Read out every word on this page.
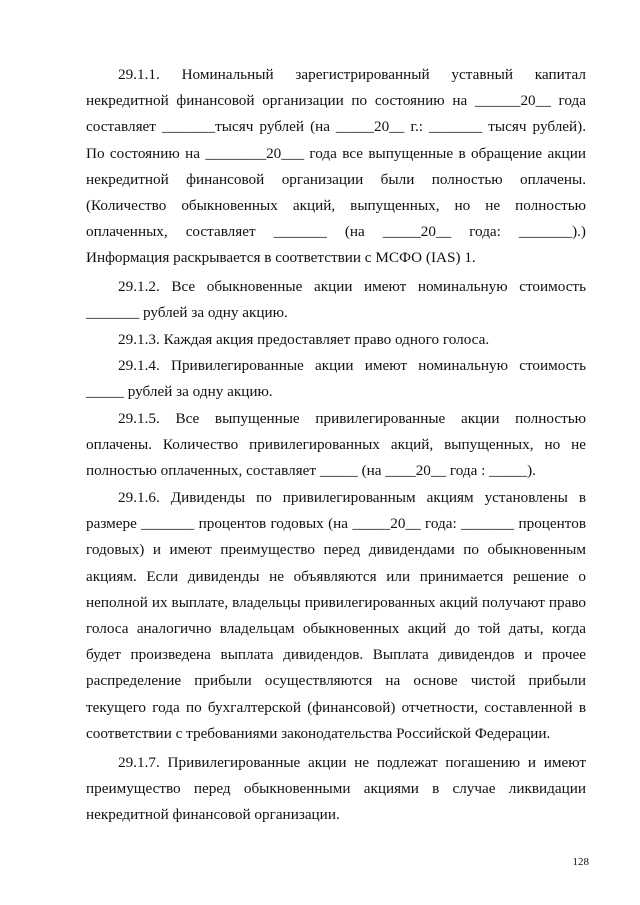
29.1.1. Номинальный зарегистрированный уставный капитал некредитной финансовой организации по состоянию на ______20__ года составляет _______тысяч рублей (на _____20__ г.: _______ тысяч рублей). По состоянию на ________20___ года все выпущенные в обращение акции некредитной финансовой организации были полностью оплачены. (Количество обыкновенных акций, выпущенных, но не полностью оплаченных, составляет _______ (на _____20__ года: _______).) Информация раскрывается в соответствии с МСФО (IAS) 1.

29.1.2. Все обыкновенные акции имеют номинальную стоимость _______ рублей за одну акцию.

29.1.3. Каждая акция предоставляет право одного голоса.

29.1.4. Привилегированные акции имеют номинальную стоимость _____ рублей за одну акцию.

29.1.5. Все выпущенные привилегированные акции полностью оплачены. Количество привилегированных акций, выпущенных, но не полностью оплаченных, составляет _____ (на ____20__ года : _____).

29.1.6. Дивиденды по привилегированным акциям установлены в размере _______ процентов годовых (на _____20__ года: _______ процентов годовых) и имеют преимущество перед дивидендами по обыкновенным акциям. Если дивиденды не объявляются или принимается решение о неполной их выплате, владельцы привилегированных акций получают право голоса аналогично владельцам обыкновенных акций до той даты, когда будет произведена выплата дивидендов. Выплата дивидендов и прочее распределение прибыли осуществляются на основе чистой прибыли текущего года по бухгалтерской (финансовой) отчетности, составленной в соответствии с требованиями законодательства Российской Федерации.

29.1.7. Привилегированные акции не подлежат погашению и имеют преимущество перед обыкновенными акциями в случае ликвидации некредитной финансовой организации.

128
